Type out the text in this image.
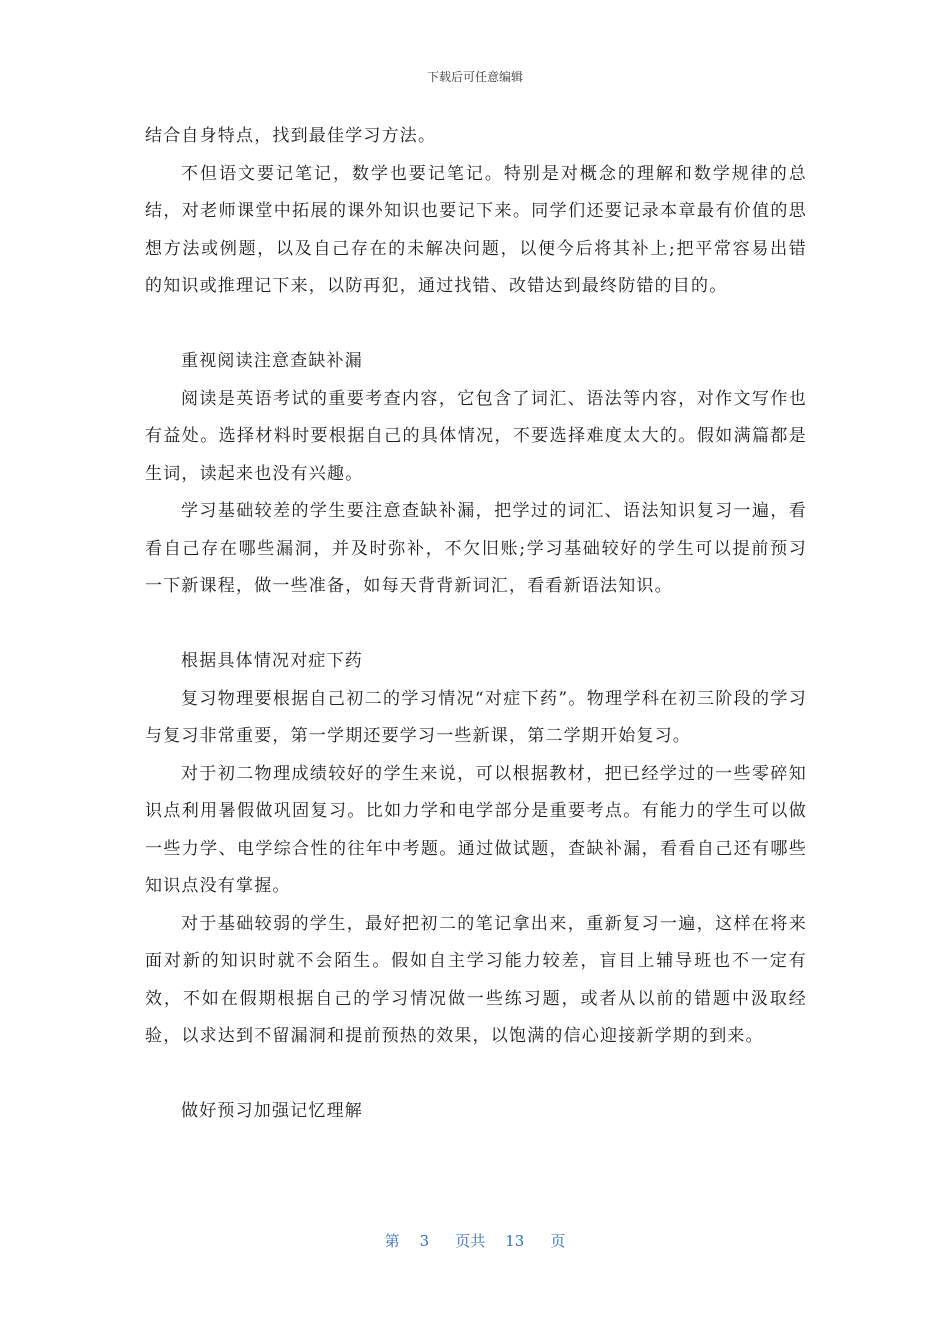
下载后可任意编辑

结合自身特点，找到最佳学习方法。

不但语文要记笔记，数学也要记笔记。特别是对概念的理解和数学规律的总结，对老师课堂中拓展的课外知识也要记下来。同学们还要记录本章最有价值的思想方法或例题，以及自己存在的未解决问题，以便今后将其补上;把平常容易出错的知识或推理记下来，以防再犯，通过找错、改错达到最终防错的目的。

重视阅读注意查缺补漏

阅读是英语考试的重要考查内容，它包含了词汇、语法等内容，对作文写作也有益处。选择材料时要根据自己的具体情况，不要选择难度太大的。假如满篇都是生词，读起来也没有兴趣。

学习基础较差的学生要注意查缺补漏，把学过的词汇、语法知识复习一遍，看看自己存在哪些漏洞，并及时弥补，不欠旧账;学习基础较好的学生可以提前预习一下新课程，做一些准备，如每天背背新词汇，看看新语法知识。

根据具体情况对症下药

复习物理要根据自己初二的学习情况“对症下药”。物理学科在初三阶段的学习与复习非常重要，第一学期还要学习一些新课，第二学期开始复习。

对于初二物理成绩较好的学生来说，可以根据教材，把已经学过的一些零碎知识点利用暑假做巩固复习。比如力学和电学部分是重要考点。有能力的学生可以做一些力学、电学综合性的往年中考题。通过做试题，查缺补漏，看看自己还有哪些知识点没有掌握。

对于基础较弱的学生，最好把初二的笔记拿出来，重新复习一遍，这样在将来面对新的知识时就不会陌生。假如自主学习能力较差，盲目上辅导班也不一定有效，不如在假期根据自己的学习情况做一些练习题，或者从以前的错题中汲取经验，以求达到不留漏洞和提前预热的效果，以饱满的信心迎接新学期的到来。

做好预习加强记忆理解

第 3 页共 13 页
